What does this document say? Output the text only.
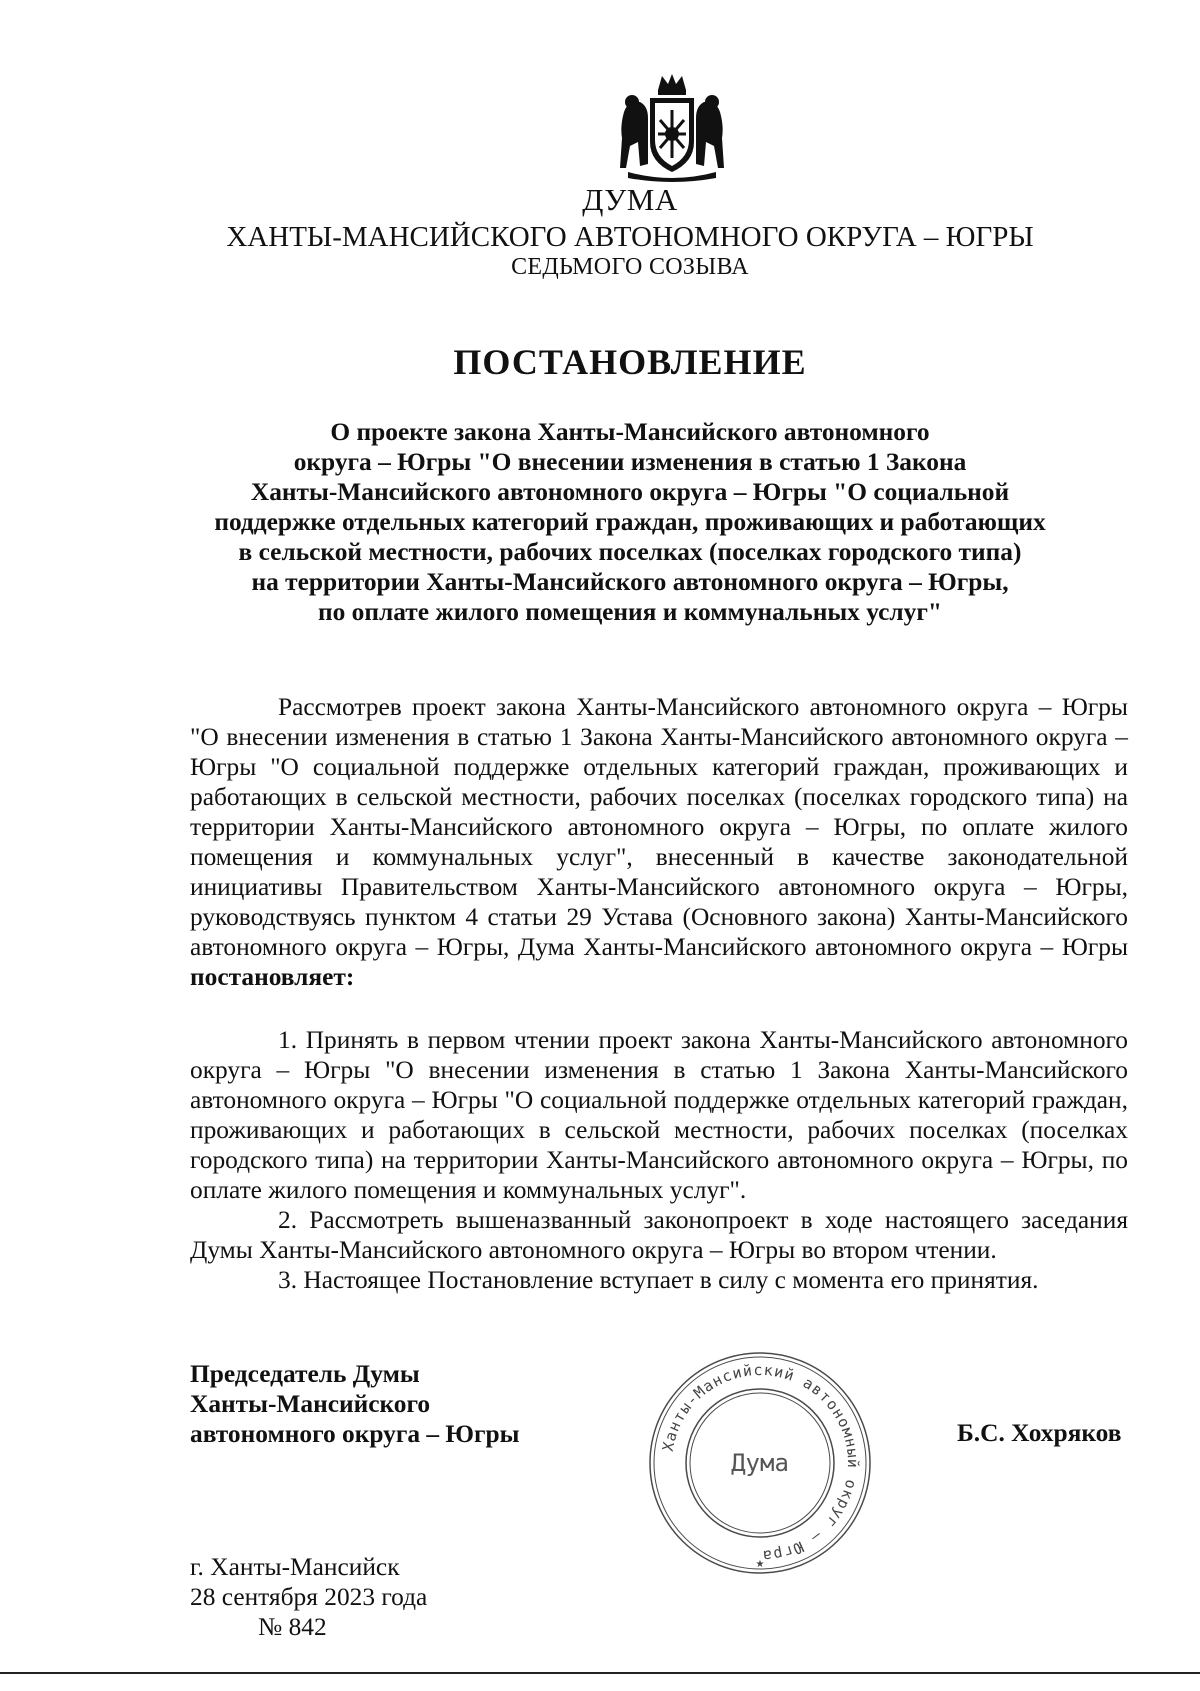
ДУМА
ХАНТЫ-МАНСИЙСКОГО АВТОНОМНОГО ОКРУГА – ЮГРЫ
СЕДЬМОГО СОЗЫВА
ПОСТАНОВЛЕНИЕ
О проекте закона Ханты-Мансийского автономного
округа – Югры "О внесении изменения в статью 1 Закона
Ханты-Мансийского автономного округа – Югры "О социальной
поддержке отдельных категорий граждан, проживающих и работающих
в сельской местности, рабочих поселках (поселках городского типа)
на территории Ханты-Мансийского автономного округа – Югры,
по оплате жилого помещения и коммунальных услуг"

Рассмотрев проект закона Ханты-Мансийского автономного округа – Югры "О внесении изменения в статью 1 Закона Ханты-Мансийского автономного округа – Югры "О социальной поддержке отдельных категорий граждан, проживающих и работающих в сельской местности, рабочих поселках (поселках городского типа) на территории Ханты-Мансийского автономного округа – Югры, по оплате жилого помещения и коммунальных услуг", внесенный в качестве законодательной инициативы Правительством Ханты-Мансийского автономного округа – Югры, руководствуясь пунктом 4 статьи 29 Устава (Основного закона) Ханты-Мансийского автономного округа – Югры, Дума Ханты-Мансийского автономного округа – Югры постановляет:

1. Принять в первом чтении проект закона Ханты-Мансийского автономного округа – Югры "О внесении изменения в статью 1 Закона Ханты-Мансийского автономного округа – Югры "О социальной поддержке отдельных категорий граждан, проживающих и работающих в сельской местности, рабочих поселках (поселках городского типа) на территории Ханты-Мансийского автономного округа – Югры, по оплате жилого помещения и коммунальных услуг".

2. Рассмотреть вышеназванный законопроект в ходе настоящего заседания Думы Ханты-Мансийского автономного округа – Югры во втором чтении.

3. Настоящее Постановление вступает в силу с момента его принятия.

Председатель Думы
Ханты-Мансийского
автономного округа – Югры	Ханты-Мансийский автономный округ – Югра
Дума
★
Б.С. Хохряков
г. Ханты-Мансийск
28 сентября 2023 года
№ 842
